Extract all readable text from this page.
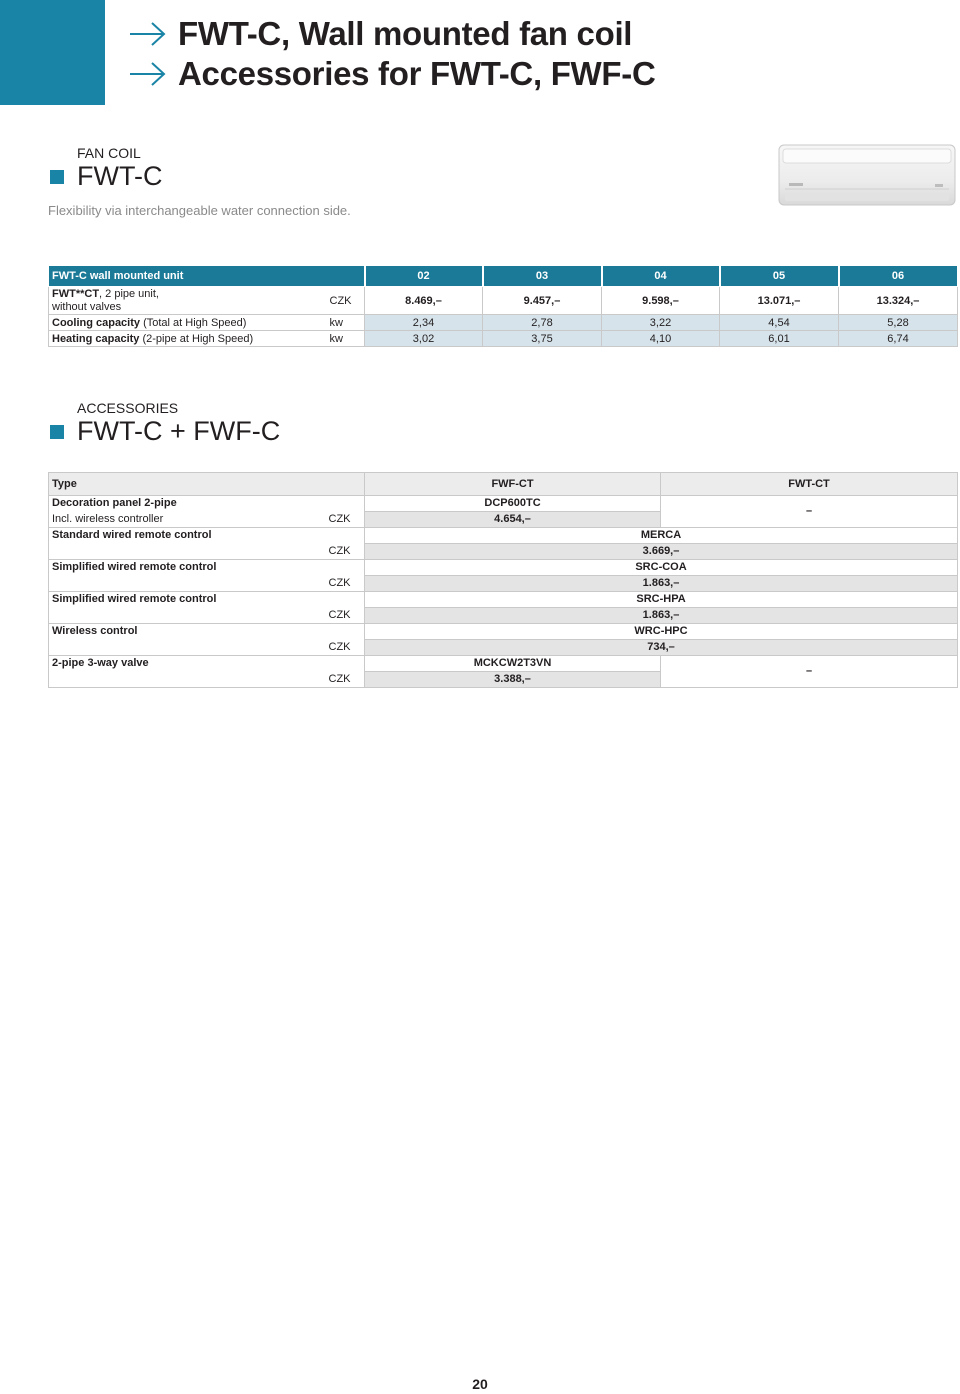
FWT-C, Wall mounted fan coil
Accessories for FWT-C, FWF-C
FAN COIL
FWT-C
Flexibility via interchangeable water connection side.
FWT-C wall mounted unit		02	03	04	05	06
FWT**CT, 2 pipe unit,
without valves	CZK	8.469,–	9.457,–	9.598,–	13.071,–	13.324,–
Cooling capacity (Total at High Speed)	kw	2,34	2,78	3,22	4,54	5,28
Heating capacity (2-pipe at High Speed)	kw	3,02	3,75	4,10	6,01	6,74
ACCESSORIES
FWT-C + FWF-C
Type		FWF-CT	FWT-CT
Decoration panel 2-pipe		DCP600TC	–
Incl. wireless controller	CZK	4.654,–	
Standard wired remote control		MERCA	
	CZK	3.669,–	
Simplified wired remote control		SRC-COA	
	CZK	1.863,–	
Simplified wired remote control		SRC-HPA	
	CZK	1.863,–	
Wireless control		WRC-HPC	
	CZK	734,–	
2-pipe 3-way valve		MCKCW2T3VN	–
	CZK	3.388,–	
20
